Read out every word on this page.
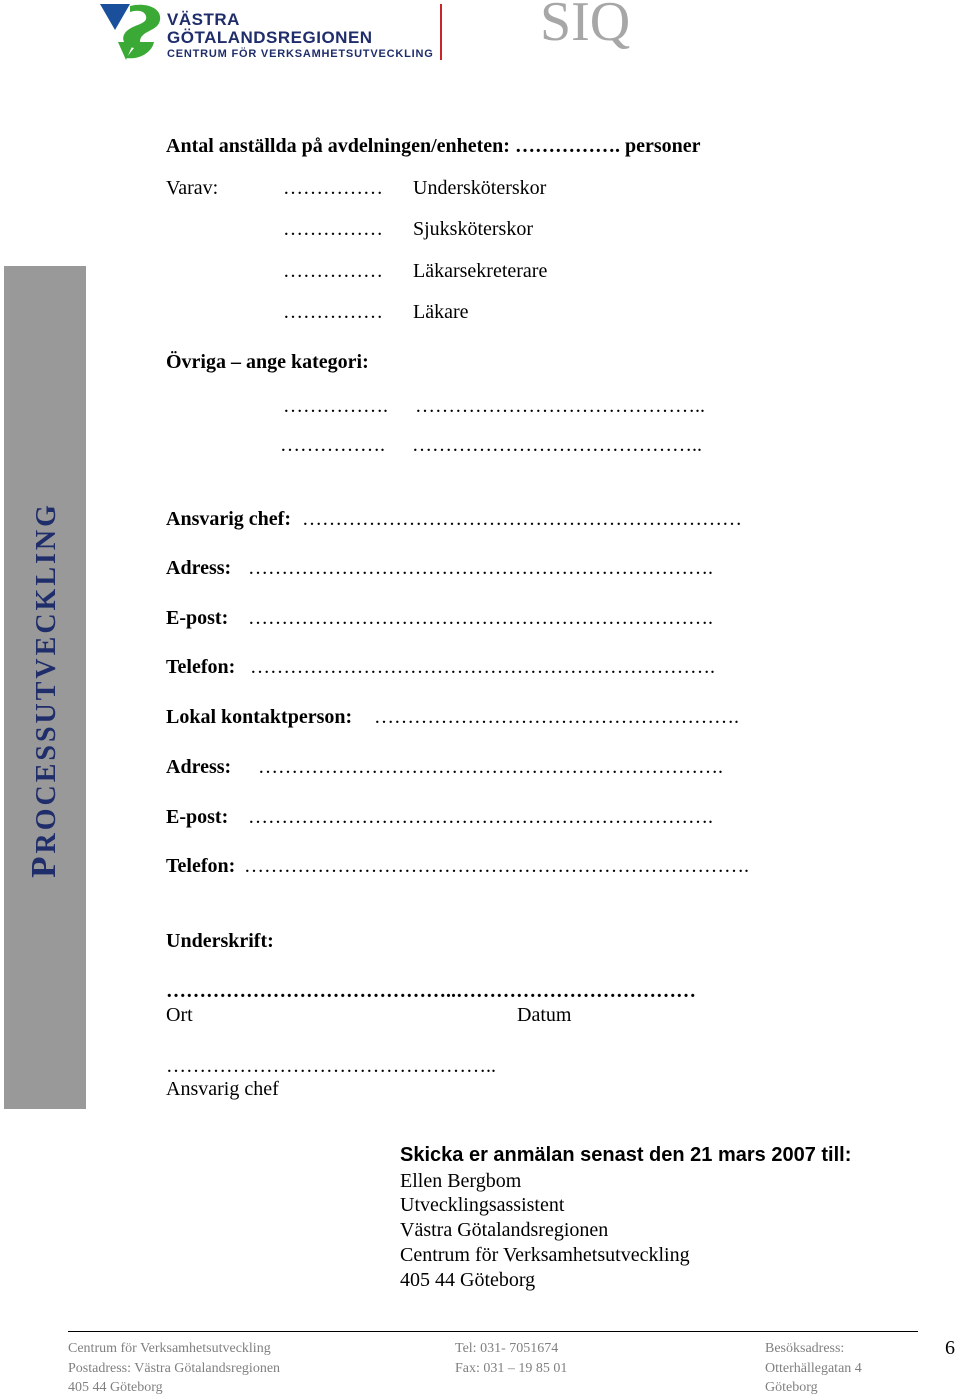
VÄSTRA
GÖTALANDSREGIONEN
CENTRUM FÖR VERKSAMHETSUTVECKLING
SIQ
PROCESSUTVECKLING
Antal anställda på avdelningen/enheten: ……………. personer
Varav:	…………… Undersköterskor
…………… Sjuksköterskor
…………… Läkarsekreterare
…………… Läkare
Övriga – ange kategori:
……………. ……………………………………..
……………. ……………………………………..
Ansvarig chef: …………………………………………………………
Adress: …………………………………………………………….
E-post: …………………………………………………………….
Telefon: …………………………………………………………….
Lokal kontaktperson: ……………………………………………….
Adress: …………………………………………………………….
E-post: …………………………………………………………….
Telefon: ………………………………………………………………….
Underskrift:
……………………………………..………………………………
Ort	Datum
…………………………………………..
Ansvarig chef
Skicka er anmälan senast den 21 mars 2007 till:
Ellen Bergbom
Utvecklingsassistent
Västra Götalandsregionen
Centrum för Verksamhetsutveckling
405 44 Göteborg
Centrum för Verksamhetsutveckling
Postadress: Västra Götalandsregionen
405 44 Göteborg
Tel: 031- 7051674
Fax: 031 – 19 85 01
Besöksadress:
Otterhällegatan 4
Göteborg
6
